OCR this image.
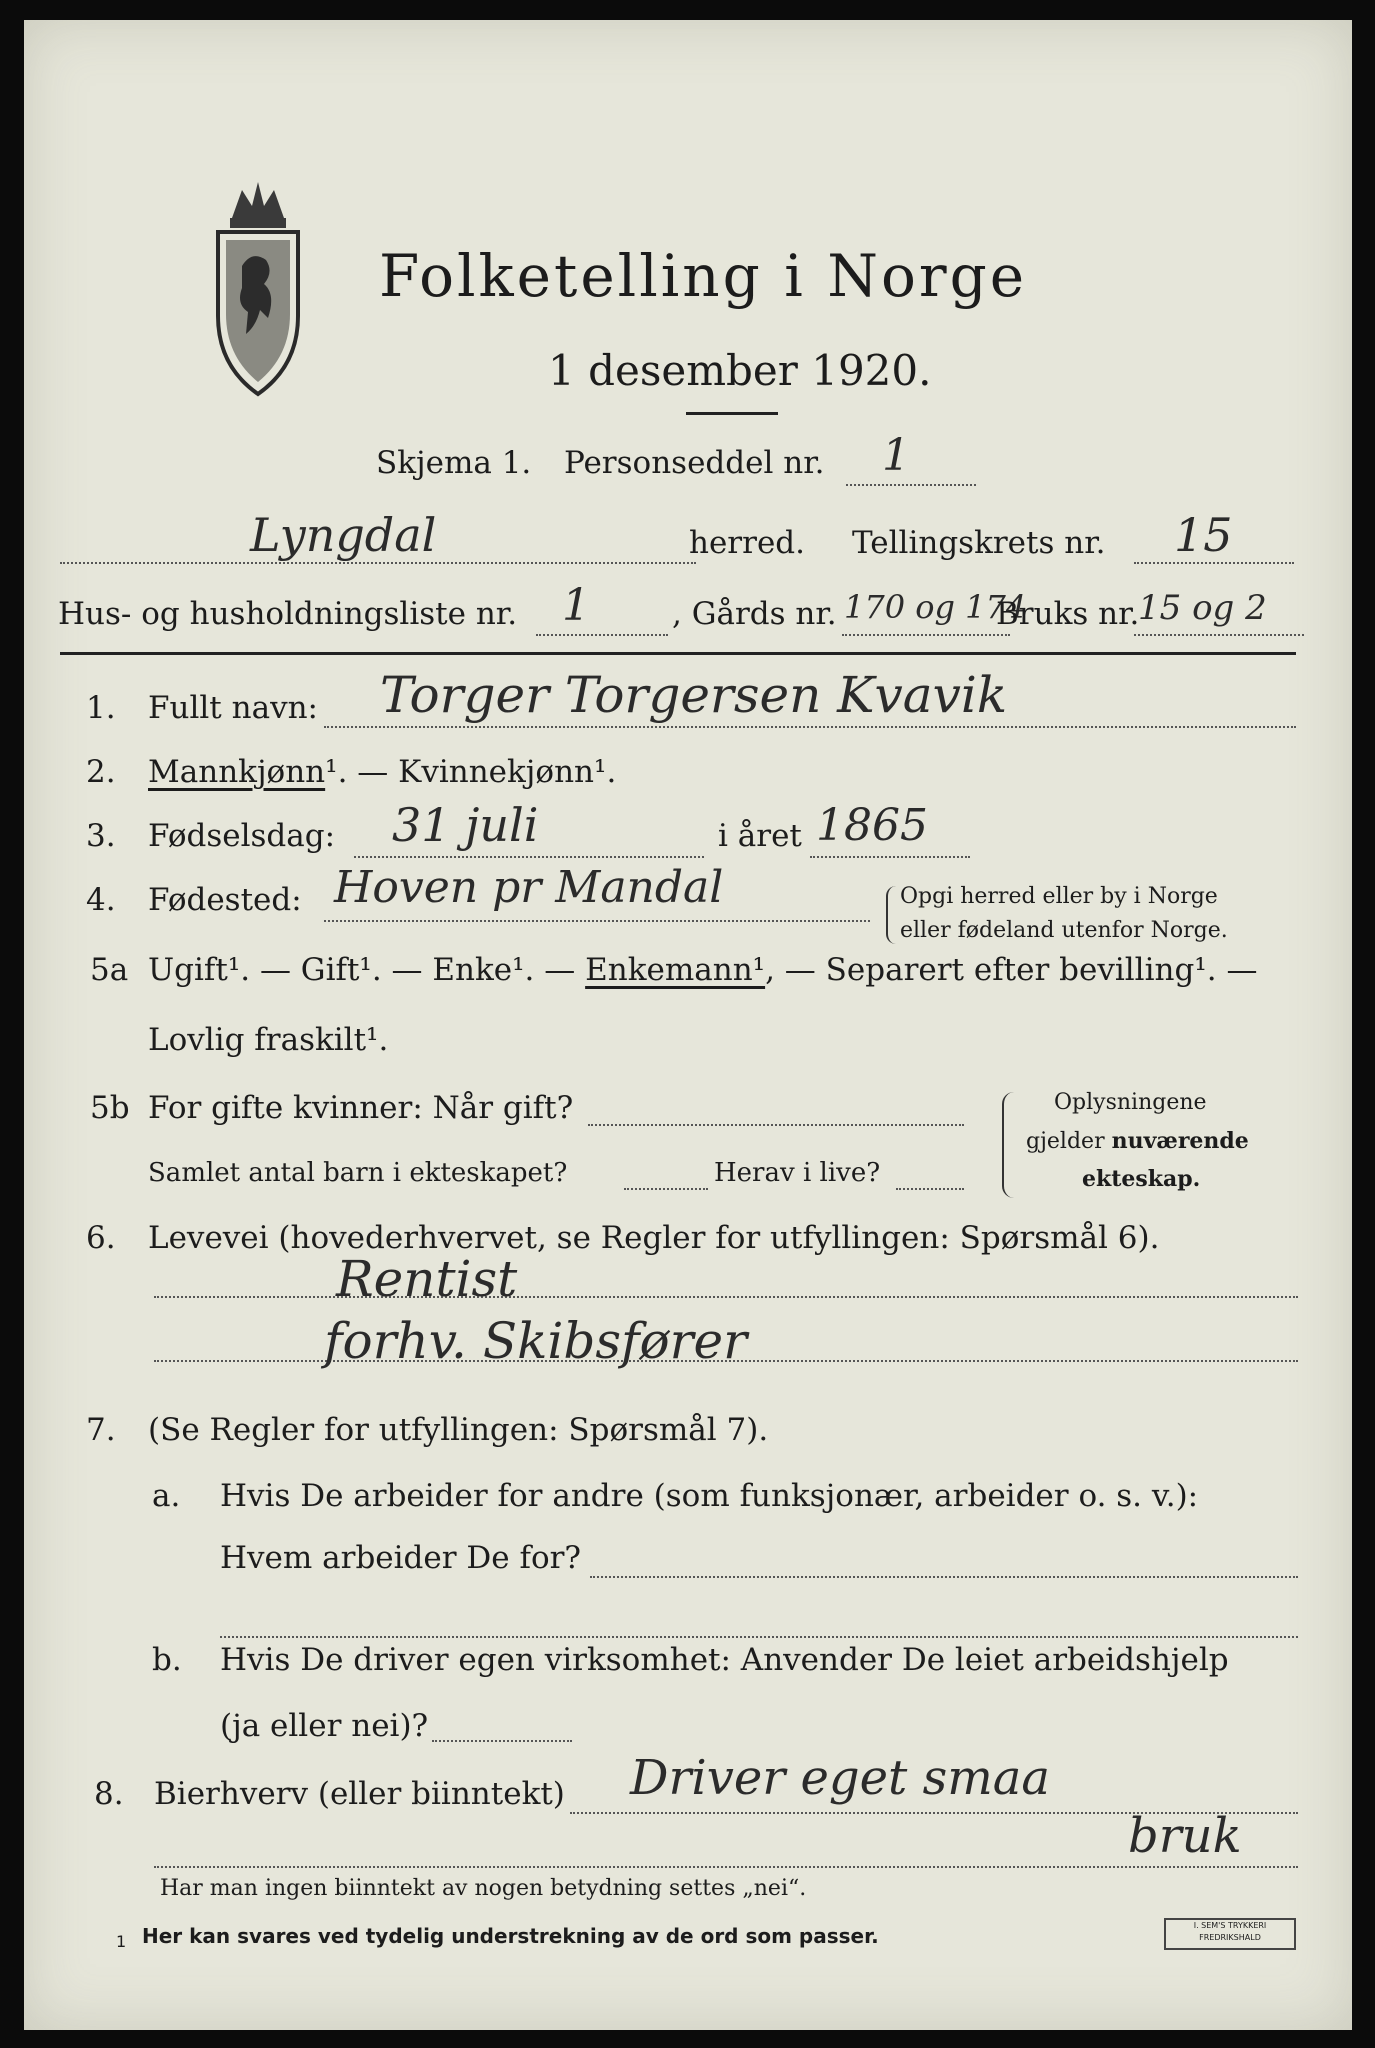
Folketelling i Norge
1 desember 1920.
Skjema 1. Personseddel nr. 1
Lyngdal	herred. Tellingskrets nr. 15
Hus- og husholdningsliste nr. 1	, Gårds nr. 170 og 174
Bruks nr.
15 og 2
1. Fullt navn: Torger Torgersen Kvavik
2. Mannkjønn¹. — Kvinnekjønn¹.
3. Fødselsdag: 31 juli	i året 1865
4. Fødested: Hoven pr Mandal	Opgi herred eller by i Norge
eller fødeland utenfor Norge.
5a Ugift¹. — Gift¹. — Enke¹. — Enkemann¹, — Separert efter bevilling¹. —
Lovlig fraskilt¹.
5b For gifte kvinner: Når gift?
Samlet antal barn i ekteskapet?	Herav i live?
Oplysningene
gjelder nuværende
ekteskap.
6. Levevei (hovederhvervet, se Regler for utfyllingen: Spørsmål 6).
Rentist
forhv. Skibsfører
7. (Se Regler for utfyllingen: Spørsmål 7).
a. Hvis De arbeider for andre (som funksjonær, arbeider o. s. v.):
Hvem arbeider De for?
b. Hvis De driver egen virksomhet: Anvender De leiet arbeidshjelp
(ja eller nei)?
8. Bierhverv (eller biinntekt) Driver eget smaa
bruk
Har man ingen biinntekt av nogen betydning settes „nei“.
1 Her kan svares ved tydelig understrekning av de ord som passer.	I. SEM'S TRYKKERI
FREDRIKSHALD
